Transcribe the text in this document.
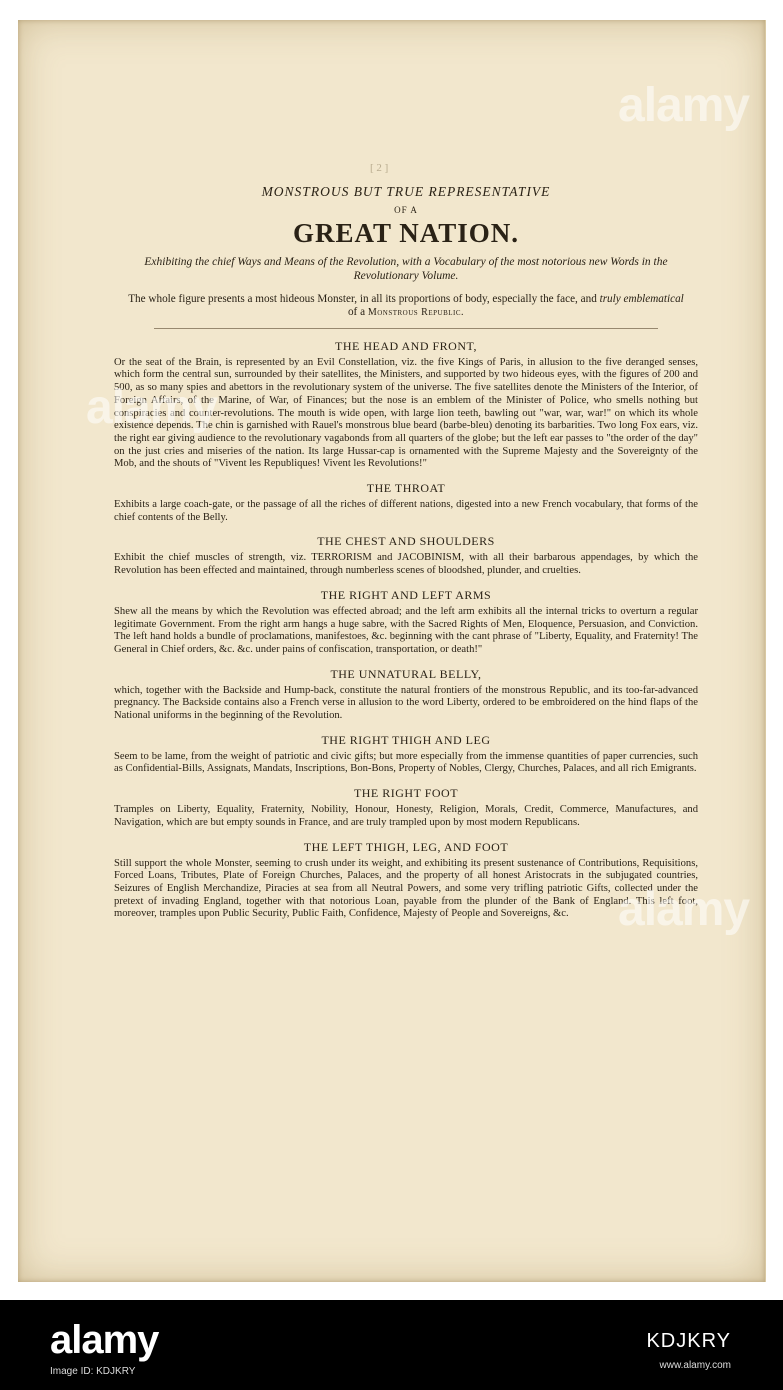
[ 2 ]
MONSTROUS BUT TRUE REPRESENTATIVE
OF A
GREAT NATION.
Exhibiting the chief Ways and Means of the Revolution, with a Vocabulary of the most notorious new Words in the Revolutionary Volume.
The whole figure presents a most hideous Monster, in all its proportions of body, especially the face, and truly emblematical of a Monstrous Republic.
THE HEAD AND FRONT,
Or the seat of the Brain, is represented by an Evil Constellation, viz. the five Kings of Paris, in allusion to the five deranged senses, which form the central sun, surrounded by their satellites, the Ministers, and supported by two hideous eyes, with the figures of 200 and 500, as so many spies and abettors in the revolutionary system of the universe. The five satellites denote the Ministers of the Interior, of Foreign Affairs, of the Marine, of War, of Finances; but the nose is an emblem of the Minister of Police, who smells nothing but conspiracies and counter-revolutions. The mouth is wide open, with large lion teeth, bawling out "war, war, war!" on which its whole existence depends. The chin is garnished with Rauel's monstrous blue beard (barbe-bleu) denoting its barbarities. Two long Fox ears, viz. the right ear giving audience to the revolutionary vagabonds from all quarters of the globe; but the left ear passes to "the order of the day" on the just cries and miseries of the nation. Its large Hussar-cap is ornamented with the Supreme Majesty and the Sovereignty of the Mob, and the shouts of "Vivent les Republiques! Vivent les Revolutions!"
THE THROAT
Exhibits a large coach-gate, or the passage of all the riches of different nations, digested into a new French vocabulary, that forms of the chief contents of the Belly.
THE CHEST AND SHOULDERS
Exhibit the chief muscles of strength, viz. TERRORISM and JACOBINISM, with all their barbarous appendages, by which the Revolution has been effected and maintained, through numberless scenes of bloodshed, plunder, and cruelties.
THE RIGHT AND LEFT ARMS
Shew all the means by which the Revolution was effected abroad; and the left arm exhibits all the internal tricks to overturn a regular legitimate Government. From the right arm hangs a huge sabre, with the Sacred Rights of Men, Eloquence, Persuasion, and Conviction. The left hand holds a bundle of proclamations, manifestoes, &c. beginning with the cant phrase of "Liberty, Equality, and Fraternity! The General in Chief orders, &c. &c. under pains of confiscation, transportation, or death!"
THE UNNATURAL BELLY,
which, together with the Backside and Hump-back, constitute the natural frontiers of the monstrous Republic, and its too-far-advanced pregnancy. The Backside contains also a French verse in allusion to the word Liberty, ordered to be embroidered on the hind flaps of the National uniforms in the beginning of the Revolution.
THE RIGHT THIGH AND LEG
Seem to be lame, from the weight of patriotic and civic gifts; but more especially from the immense quantities of paper currencies, such as Confidential-Bills, Assignats, Mandats, Inscriptions, Bon-Bons, Property of Nobles, Clergy, Churches, Palaces, and all rich Emigrants.
THE RIGHT FOOT
Tramples on Liberty, Equality, Fraternity, Nobility, Honour, Honesty, Religion, Morals, Credit, Commerce, Manufactures, and Navigation, which are but empty sounds in France, and are truly trampled upon by most modern Republicans.
THE LEFT THIGH, LEG, AND FOOT
Still support the whole Monster, seeming to crush under its weight, and exhibiting its present sustenance of Contributions, Requisitions, Forced Loans, Tributes, Plate of Foreign Churches, Palaces, and the property of all honest Aristocrats in the subjugated countries, Seizures of English Merchandize, Piracies at sea from all Neutral Powers, and some very trifling patriotic Gifts, collected under the pretext of invading England, together with that notorious Loan, payable from the plunder of the Bank of England. This left foot, moreover, tramples upon Public Security, Public Faith, Confidence, Majesty of People and Sovereigns, &c.
alamy
alamy
alamy
alamy
Image ID: KDJKRY
KDJKRY
www.alamy.com
